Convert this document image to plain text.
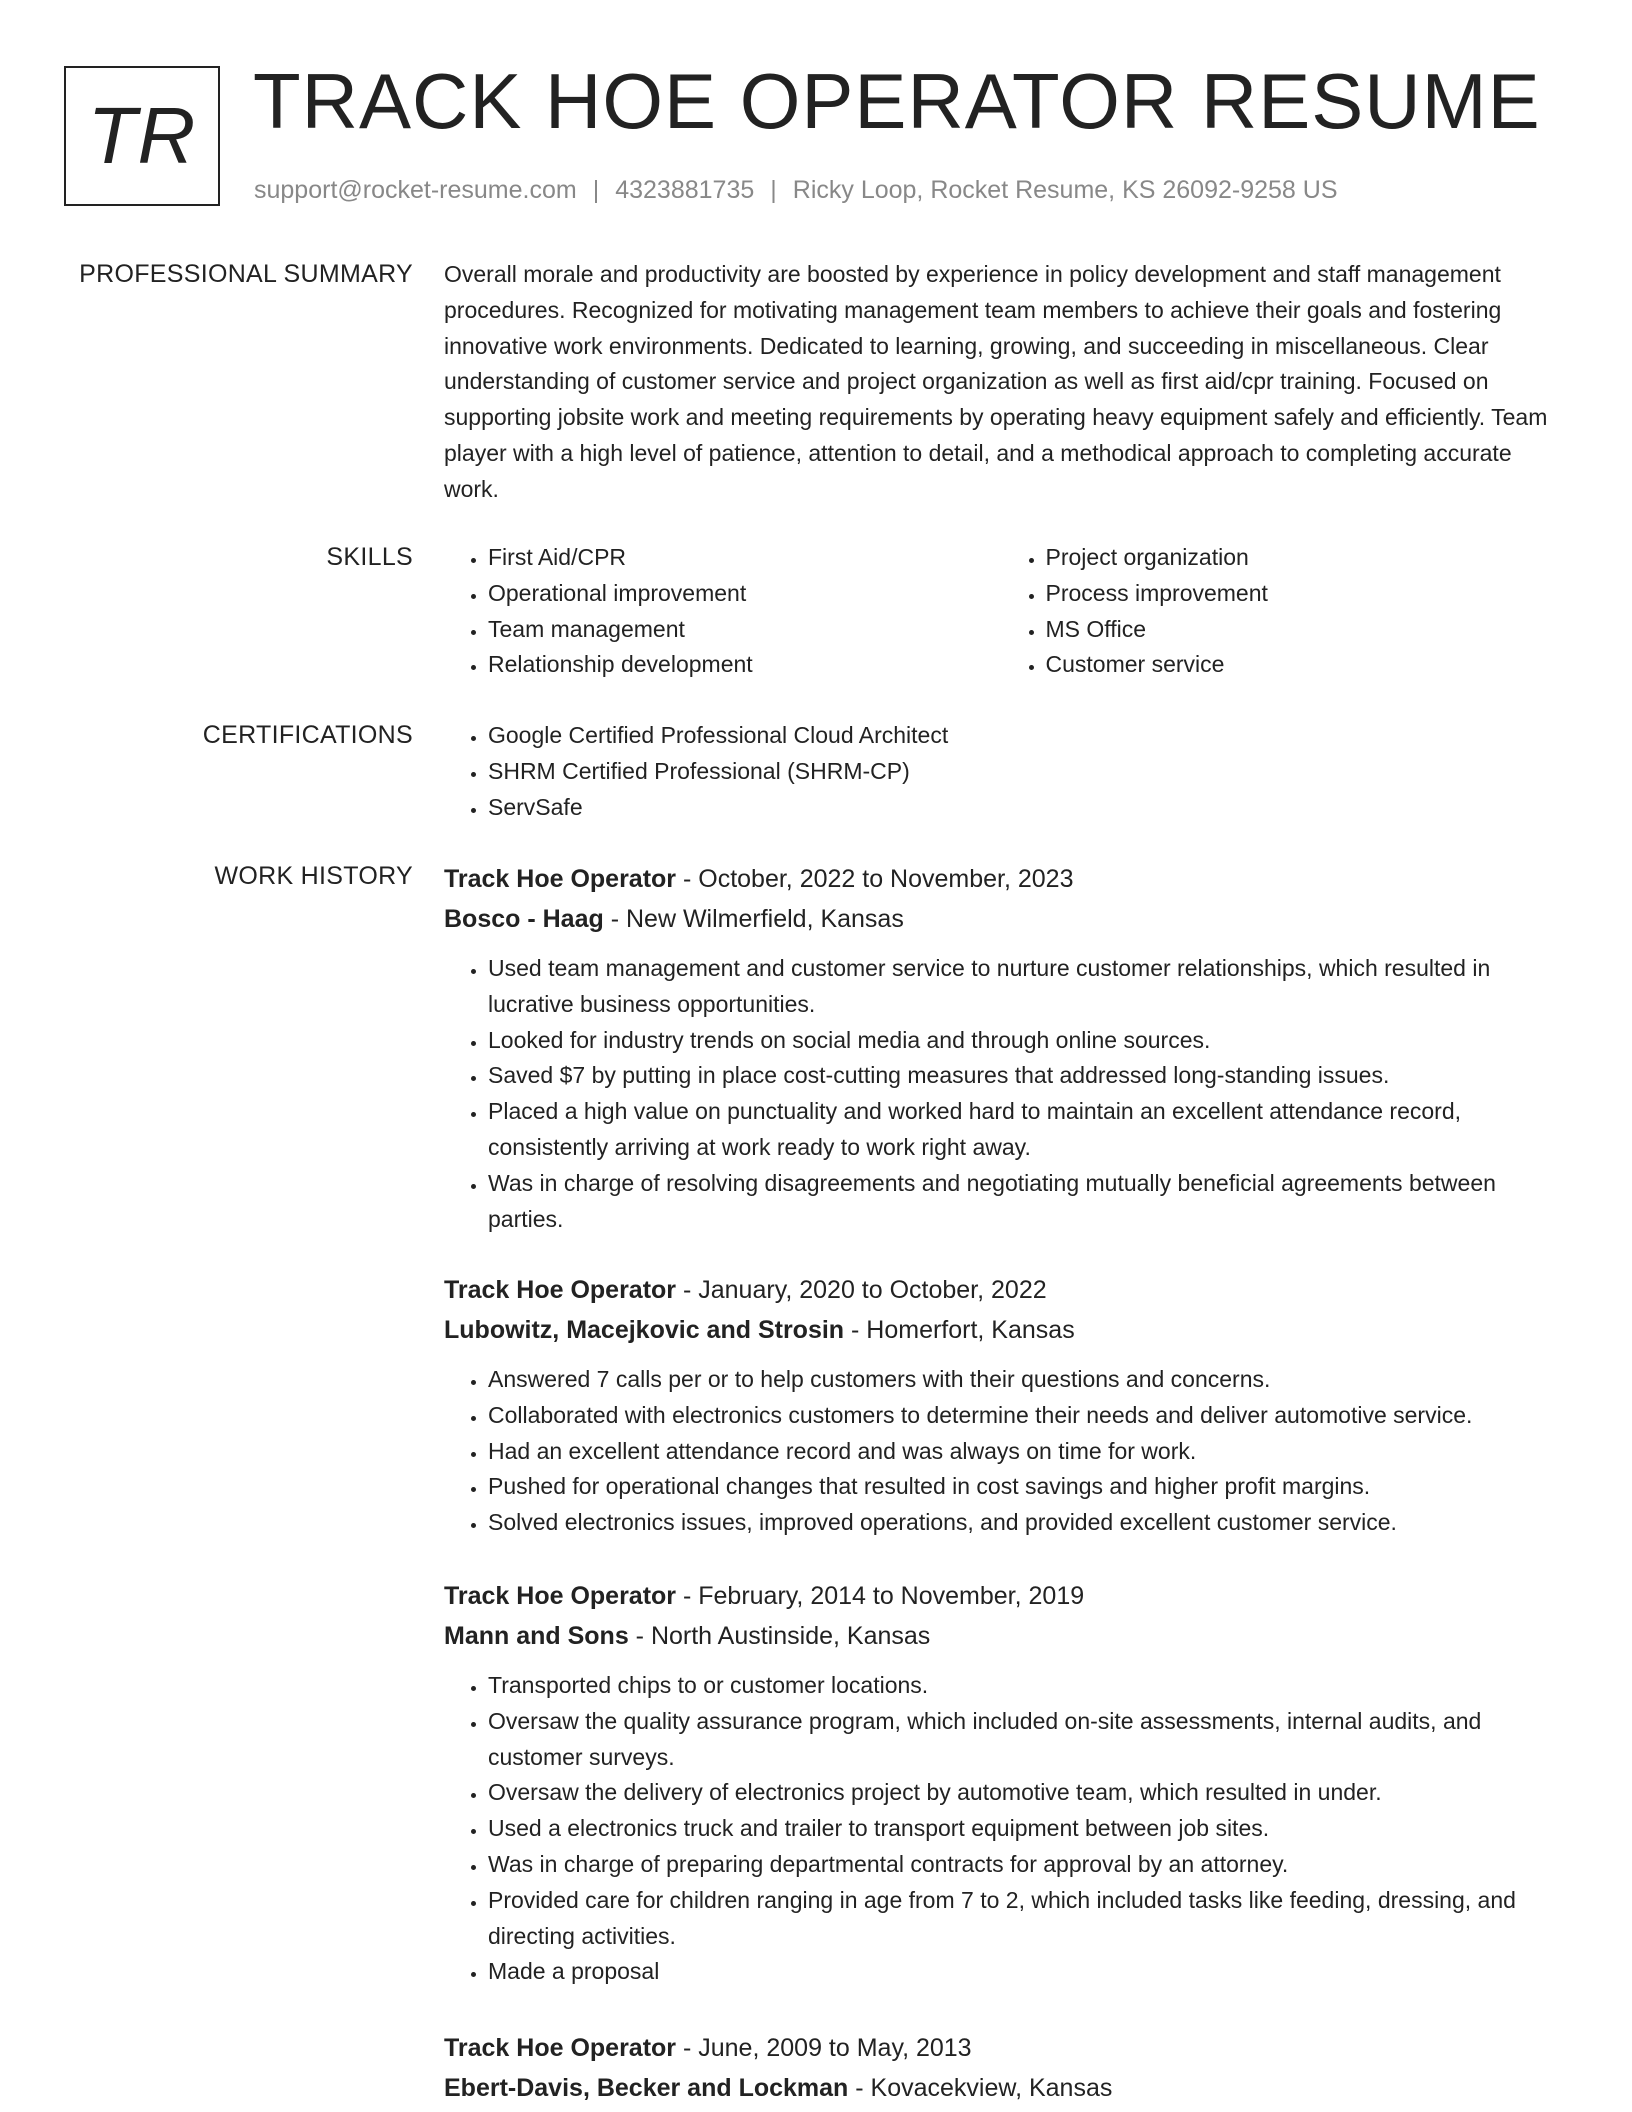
TR TRACK HOE OPERATOR RESUME
support@rocket-resume.com | 4323881735 | Ricky Loop, Rocket Resume, KS 26092-9258 US
PROFESSIONAL SUMMARY Overall morale and productivity are boosted by experience in policy development and staff management procedures. Recognized for motivating management team members to achieve their goals and fostering innovative work environments. Dedicated to learning, growing, and succeeding in miscellaneous. Clear understanding of customer service and project organization as well as first aid/cpr training. Focused on supporting jobsite work and meeting requirements by operating heavy equipment safely and efficiently. Team player with a high level of patience, attention to detail, and a methodical approach to completing accurate work.

SKILLS	• First Aid/CPR
• Operational improvement
• Team management
• Relationship development
• Project organization
• Process improvement
• MS Office
• Customer service
CERTIFICATIONS	• Google Certified Professional Cloud Architect
• SHRM Certified Professional (SHRM-CP)
• ServSafe
WORK HISTORY Track Hoe Operator - October, 2022 to November, 2023
Bosco - Haag - New Wilmerfield, Kansas
• Used team management and customer service to nurture customer relationships, which resulted in lucrative business opportunities.
• Looked for industry trends on social media and through online sources.
• Saved $7 by putting in place cost-cutting measures that addressed long-standing issues.
• Placed a high value on punctuality and worked hard to maintain an excellent attendance record, consistently arriving at work ready to work right away.
• Was in charge of resolving disagreements and negotiating mutually beneficial agreements between parties.
Track Hoe Operator - January, 2020 to October, 2022
Lubowitz, Macejkovic and Strosin - Homerfort, Kansas
• Answered 7 calls per or to help customers with their questions and concerns.
• Collaborated with electronics customers to determine their needs and deliver automotive service.
• Had an excellent attendance record and was always on time for work.
• Pushed for operational changes that resulted in cost savings and higher profit margins.
• Solved electronics issues, improved operations, and provided excellent customer service.
Track Hoe Operator - February, 2014 to November, 2019
Mann and Sons - North Austinside, Kansas
• Transported chips to or customer locations.
• Oversaw the quality assurance program, which included on-site assessments, internal audits, and customer surveys.
• Oversaw the delivery of electronics project by automotive team, which resulted in under.
• Used a electronics truck and trailer to transport equipment between job sites.
• Was in charge of preparing departmental contracts for approval by an attorney.
• Provided care for children ranging in age from 7 to 2, which included tasks like feeding, dressing, and directing activities.
• Made a proposal
Track Hoe Operator - June, 2009 to May, 2013
Ebert-Davis, Becker and Lockman - Kovacekview, Kansas
